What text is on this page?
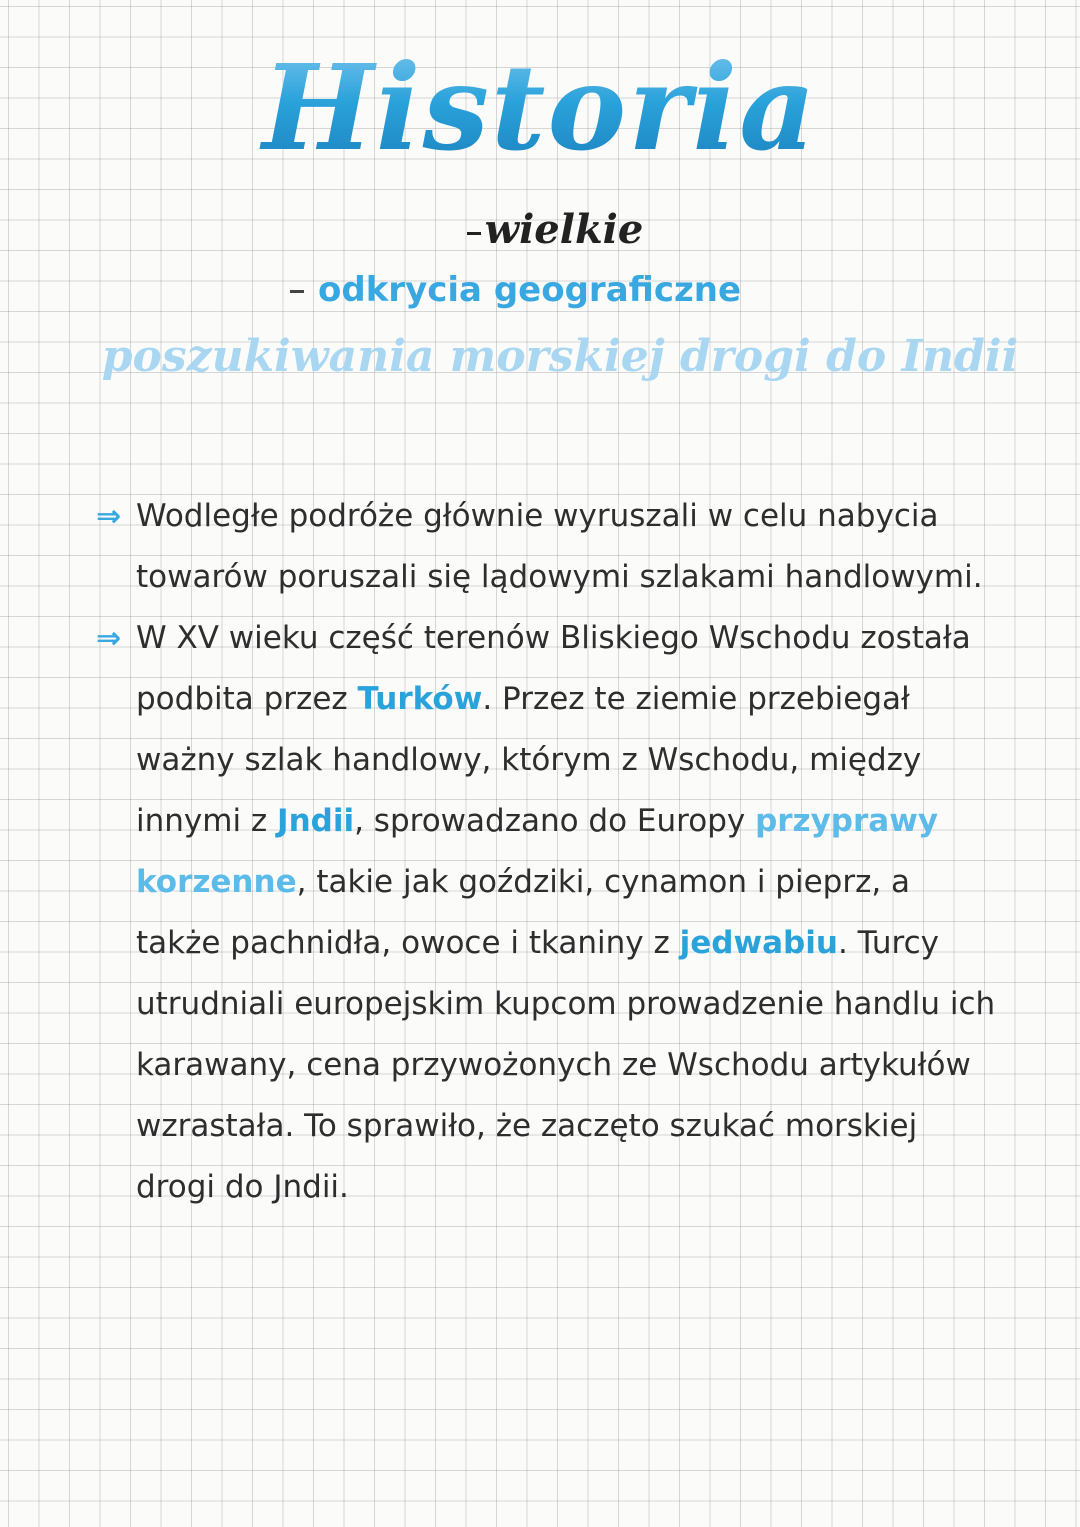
Historia
wielkie
odkrycia geograficzne
poszukiwania morskiej drogi do Indii

⇒ Wodległe podróże głównie wyruszali w celu nabycia towarów poruszali się lądowymi szlakami handlowymi.

⇒ W XV wieku część terenów Bliskiego Wschodu została podbita przez Turków. Przez te ziemie przebiegał ważny szlak handlowy, którym z Wschodu, między innymi z Jndii, sprowadzano do Europy przyprawy korzenne, takie jak goździki, cynamon i pieprz, a także pachnidła, owoce i tkaniny z jedwabiu. Turcy utrudniali europejskim kupcom prowadzenie handlu ich karawany, cena przywożonych ze Wschodu artykułów wzrastała. To sprawiło, że zaczęto szukać morskiej drogi do Jndii.
